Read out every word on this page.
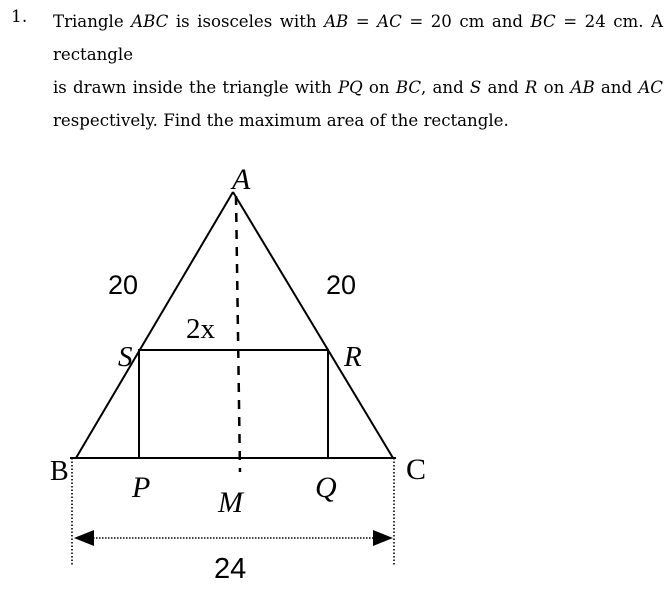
1. Triangle ABC is isosceles with AB = AC = 20 cm and BC = 24 cm. A rectangle
is drawn inside the triangle with PQ on BC, and S and R on AB and AC
respectively. Find the maximum area of the rectangle.
A
B	C
S	R
P	Q
M
20	20
2x
24
